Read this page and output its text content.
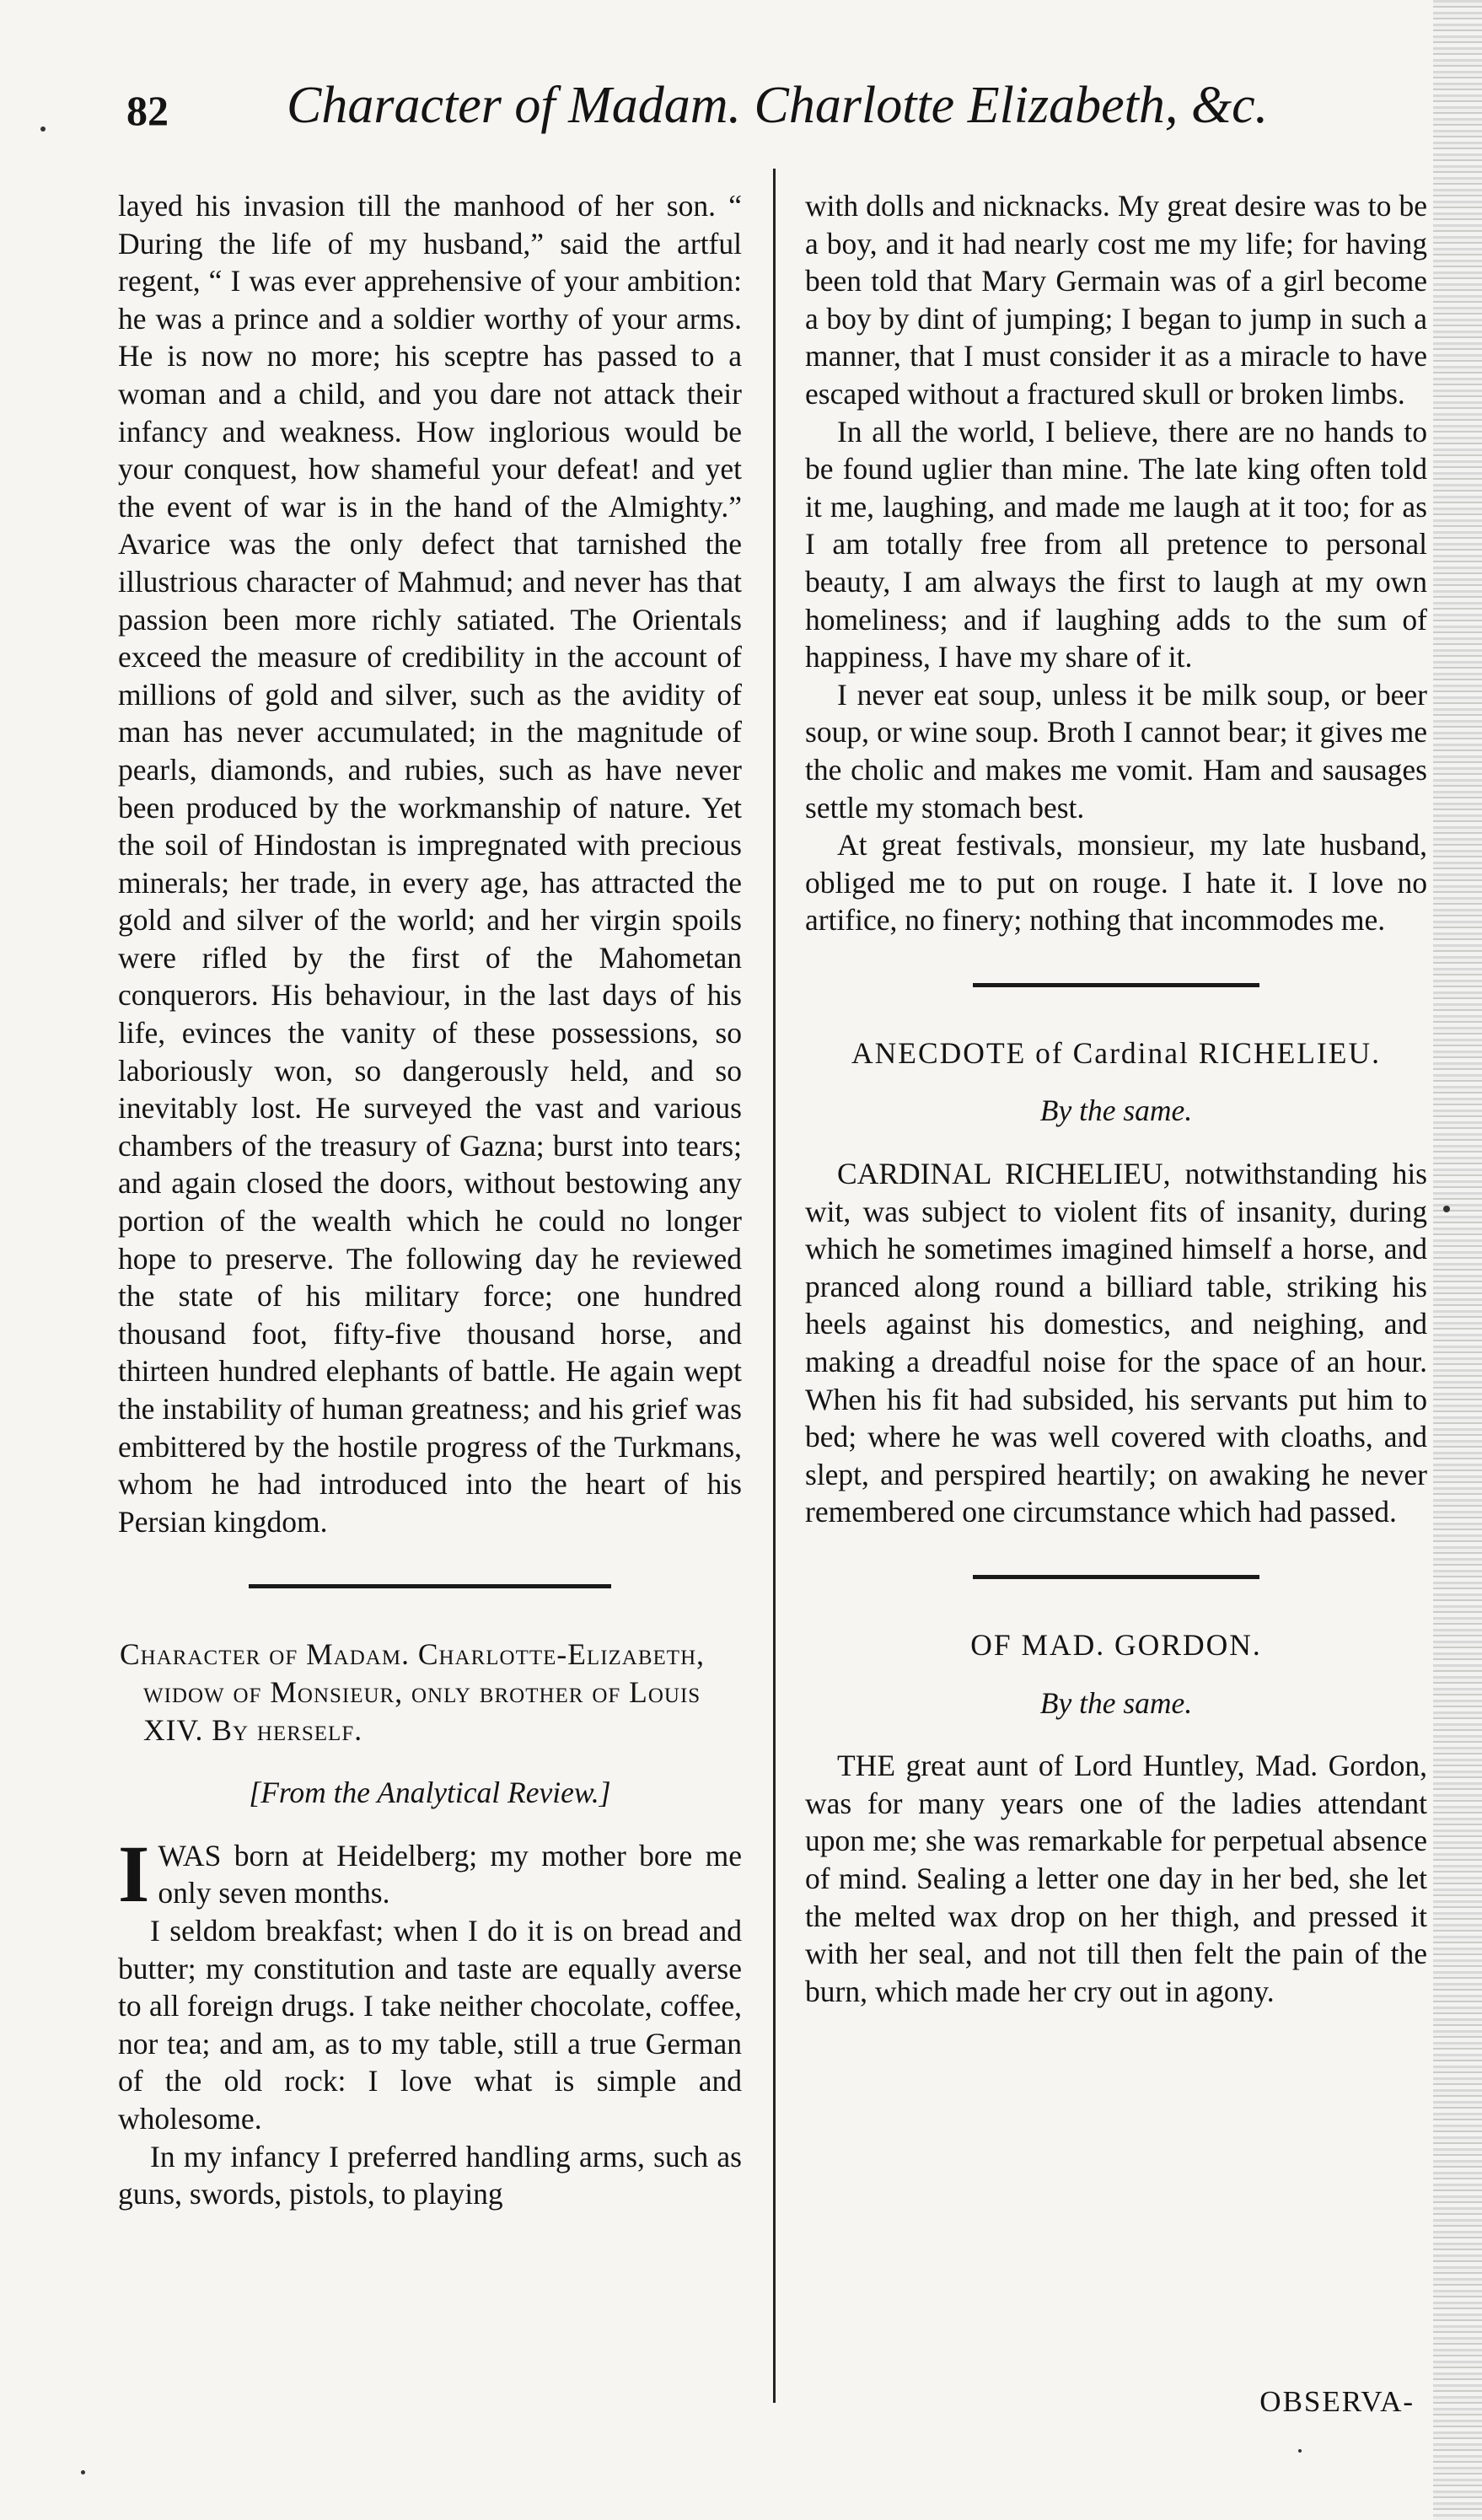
82 Character of Madam. Charlotte Elizabeth, &c.

layed his invasion till the manhood of her son. “ During the life of my husband,” said the artful regent, “ I was ever apprehensive of your ambition: he was a prince and a soldier worthy of your arms. He is now no more; his sceptre has passed to a woman and a child, and you dare not attack their infancy and weakness. How inglorious would be your conquest, how shameful your defeat! and yet the event of war is in the hand of the Almighty.” Avarice was the only defect that tarnished the illustrious character of Mahmud; and never has that passion been more richly satiated. The Orientals exceed the measure of credibility in the account of millions of gold and silver, such as the avidity of man has never accumulated; in the magnitude of pearls, diamonds, and rubies, such as have never been produced by the workmanship of nature. Yet the soil of Hindostan is impregnated with precious minerals; her trade, in every age, has attracted the gold and silver of the world; and her virgin spoils were rifled by the first of the Mahometan conquerors. His behaviour, in the last days of his life, evinces the vanity of these possessions, so laboriously won, so dangerously held, and so inevitably lost. He surveyed the vast and various chambers of the treasury of Gazna; burst into tears; and again closed the doors, without bestowing any portion of the wealth which he could no longer hope to preserve. The following day he reviewed the state of his military force; one hundred thousand foot, fifty-five thousand horse, and thirteen hundred elephants of battle. He again wept the instability of human greatness; and his grief was embittered by the hostile progress of the Turkmans, whom he had introduced into the heart of his Persian kingdom.

Character of Madam. Charlotte-Elizabeth, widow of Monsieur, only brother of Louis XIV. By herself.

[From the Analytical Review.]

IWAS born at Heidelberg; my mother bore me only seven months.

I seldom breakfast; when I do it is on bread and butter; my constitution and taste are equally averse to all foreign drugs. I take neither chocolate, coffee, nor tea; and am, as to my table, still a true German of the old rock: I love what is simple and wholesome.

In my infancy I preferred handling arms, such as guns, swords, pistols, to playing

with dolls and nicknacks. My great desire was to be a boy, and it had nearly cost me my life; for having been told that Mary Germain was of a girl become a boy by dint of jumping; I began to jump in such a manner, that I must consider it as a miracle to have escaped without a fractured skull or broken limbs.

In all the world, I believe, there are no hands to be found uglier than mine. The late king often told it me, laughing, and made me laugh at it too; for as I am totally free from all pretence to personal beauty, I am always the first to laugh at my own homeliness; and if laughing adds to the sum of happiness, I have my share of it.

I never eat soup, unless it be milk soup, or beer soup, or wine soup. Broth I cannot bear; it gives me the cholic and makes me vomit. Ham and sausages settle my stomach best.

At great festivals, monsieur, my late husband, obliged me to put on rouge. I hate it. I love no artifice, no finery; nothing that incommodes me.

ANECDOTE of Cardinal RICHELIEU.

By the same.

CARDINAL RICHELIEU, notwithstanding his wit, was subject to violent fits of insanity, during which he sometimes imagined himself a horse, and pranced along round a billiard table, striking his heels against his domestics, and neighing, and making a dreadful noise for the space of an hour. When his fit had subsided, his servants put him to bed; where he was well covered with cloaths, and slept, and perspired heartily; on awaking he never remembered one circumstance which had passed.

OF MAD. GORDON.

By the same.

THE great aunt of Lord Huntley, Mad. Gordon, was for many years one of the ladies attendant upon me; she was remarkable for perpetual absence of mind. Sealing a letter one day in her bed, she let the melted wax drop on her thigh, and pressed it with her seal, and not till then felt the pain of the burn, which made her cry out in agony.

OBSERVA-
